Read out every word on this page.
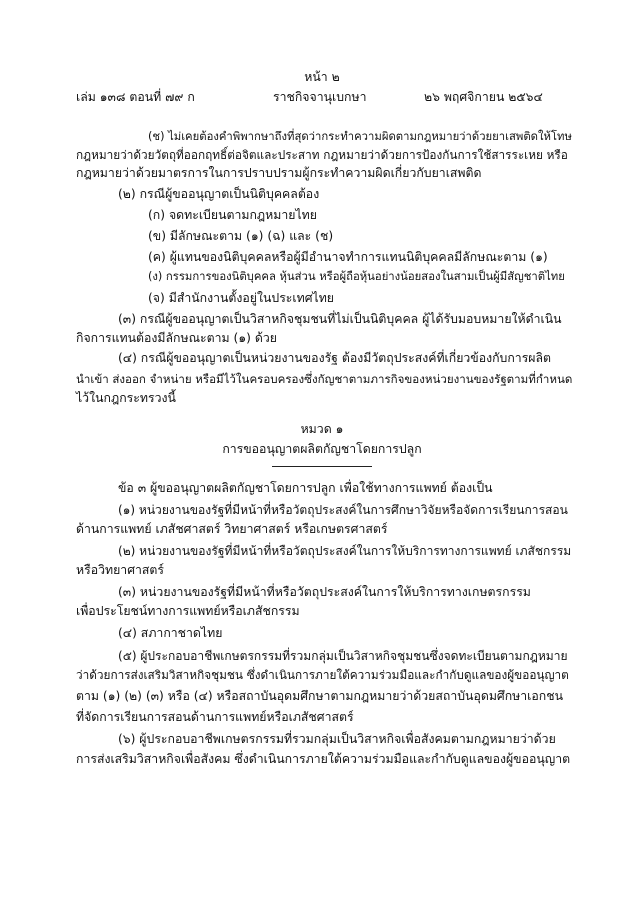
หน้า ๒
เล่ม ๑๓๘ ตอนที่ ๗๙ ก	ราชกิจจานุเบกษา	๒๖ พฤศจิกายน ๒๕๖๔
(ช) ไม่เคยต้องคำพิพากษาถึงที่สุดว่ากระทำความผิดตามกฎหมายว่าด้วยยาเสพติดให้โทษ
กฎหมายว่าด้วยวัตถุที่ออกฤทธิ์ต่อจิตและประสาท กฎหมายว่าด้วยการป้องกันการใช้สารระเหย หรือ
กฎหมายว่าด้วยมาตรการในการปราบปรามผู้กระทำความผิดเกี่ยวกับยาเสพติด
(๒) กรณีผู้ขออนุญาตเป็นนิติบุคคลต้อง
(ก) จดทะเบียนตามกฎหมายไทย
(ข) มีลักษณะตาม (๑) (ฉ) และ (ช)
(ค) ผู้แทนของนิติบุคคลหรือผู้มีอำนาจทำการแทนนิติบุคคลมีลักษณะตาม (๑)
(ง) กรรมการของนิติบุคคล หุ้นส่วน หรือผู้ถือหุ้นอย่างน้อยสองในสามเป็นผู้มีสัญชาติไทย
(จ) มีสำนักงานตั้งอยู่ในประเทศไทย
(๓) กรณีผู้ขออนุญาตเป็นวิสาหกิจชุมชนที่ไม่เป็นนิติบุคคล ผู้ได้รับมอบหมายให้ดำเนิน
กิจการแทนต้องมีลักษณะตาม (๑) ด้วย
(๔) กรณีผู้ขออนุญาตเป็นหน่วยงานของรัฐ ต้องมีวัตถุประสงค์ที่เกี่ยวข้องกับการผลิต
นำเข้า ส่งออก จำหน่าย หรือมีไว้ในครอบครองซึ่งกัญชาตามภารกิจของหน่วยงานของรัฐตามที่กำหนด
ไว้ในกฎกระทรวงนี้
หมวด ๑
การขออนุญาตผลิตกัญชาโดยการปลูก
ข้อ ๓ ผู้ขออนุญาตผลิตกัญชาโดยการปลูก เพื่อใช้ทางการแพทย์ ต้องเป็น
(๑) หน่วยงานของรัฐที่มีหน้าที่หรือวัตถุประสงค์ในการศึกษาวิจัยหรือจัดการเรียนการสอน
ด้านการแพทย์ เภสัชศาสตร์ วิทยาศาสตร์ หรือเกษตรศาสตร์
(๒) หน่วยงานของรัฐที่มีหน้าที่หรือวัตถุประสงค์ในการให้บริการทางการแพทย์ เภสัชกรรม
หรือวิทยาศาสตร์
(๓) หน่วยงานของรัฐที่มีหน้าที่หรือวัตถุประสงค์ในการให้บริการทางเกษตรกรรม
เพื่อประโยชน์ทางการแพทย์หรือเภสัชกรรม
(๔) สภากาชาดไทย
(๕) ผู้ประกอบอาชีพเกษตรกรรมที่รวมกลุ่มเป็นวิสาหกิจชุมชนซึ่งจดทะเบียนตามกฎหมาย
ว่าด้วยการส่งเสริมวิสาหกิจชุมชน ซึ่งดำเนินการภายใต้ความร่วมมือและกำกับดูแลของผู้ขออนุญาต
ตาม (๑) (๒) (๓) หรือ (๔) หรือสถาบันอุดมศึกษาตามกฎหมายว่าด้วยสถาบันอุดมศึกษาเอกชน
ที่จัดการเรียนการสอนด้านการแพทย์หรือเภสัชศาสตร์
(๖) ผู้ประกอบอาชีพเกษตรกรรมที่รวมกลุ่มเป็นวิสาหกิจเพื่อสังคมตามกฎหมายว่าด้วย
การส่งเสริมวิสาหกิจเพื่อสังคม ซึ่งดำเนินการภายใต้ความร่วมมือและกำกับดูแลของผู้ขออนุญาต
